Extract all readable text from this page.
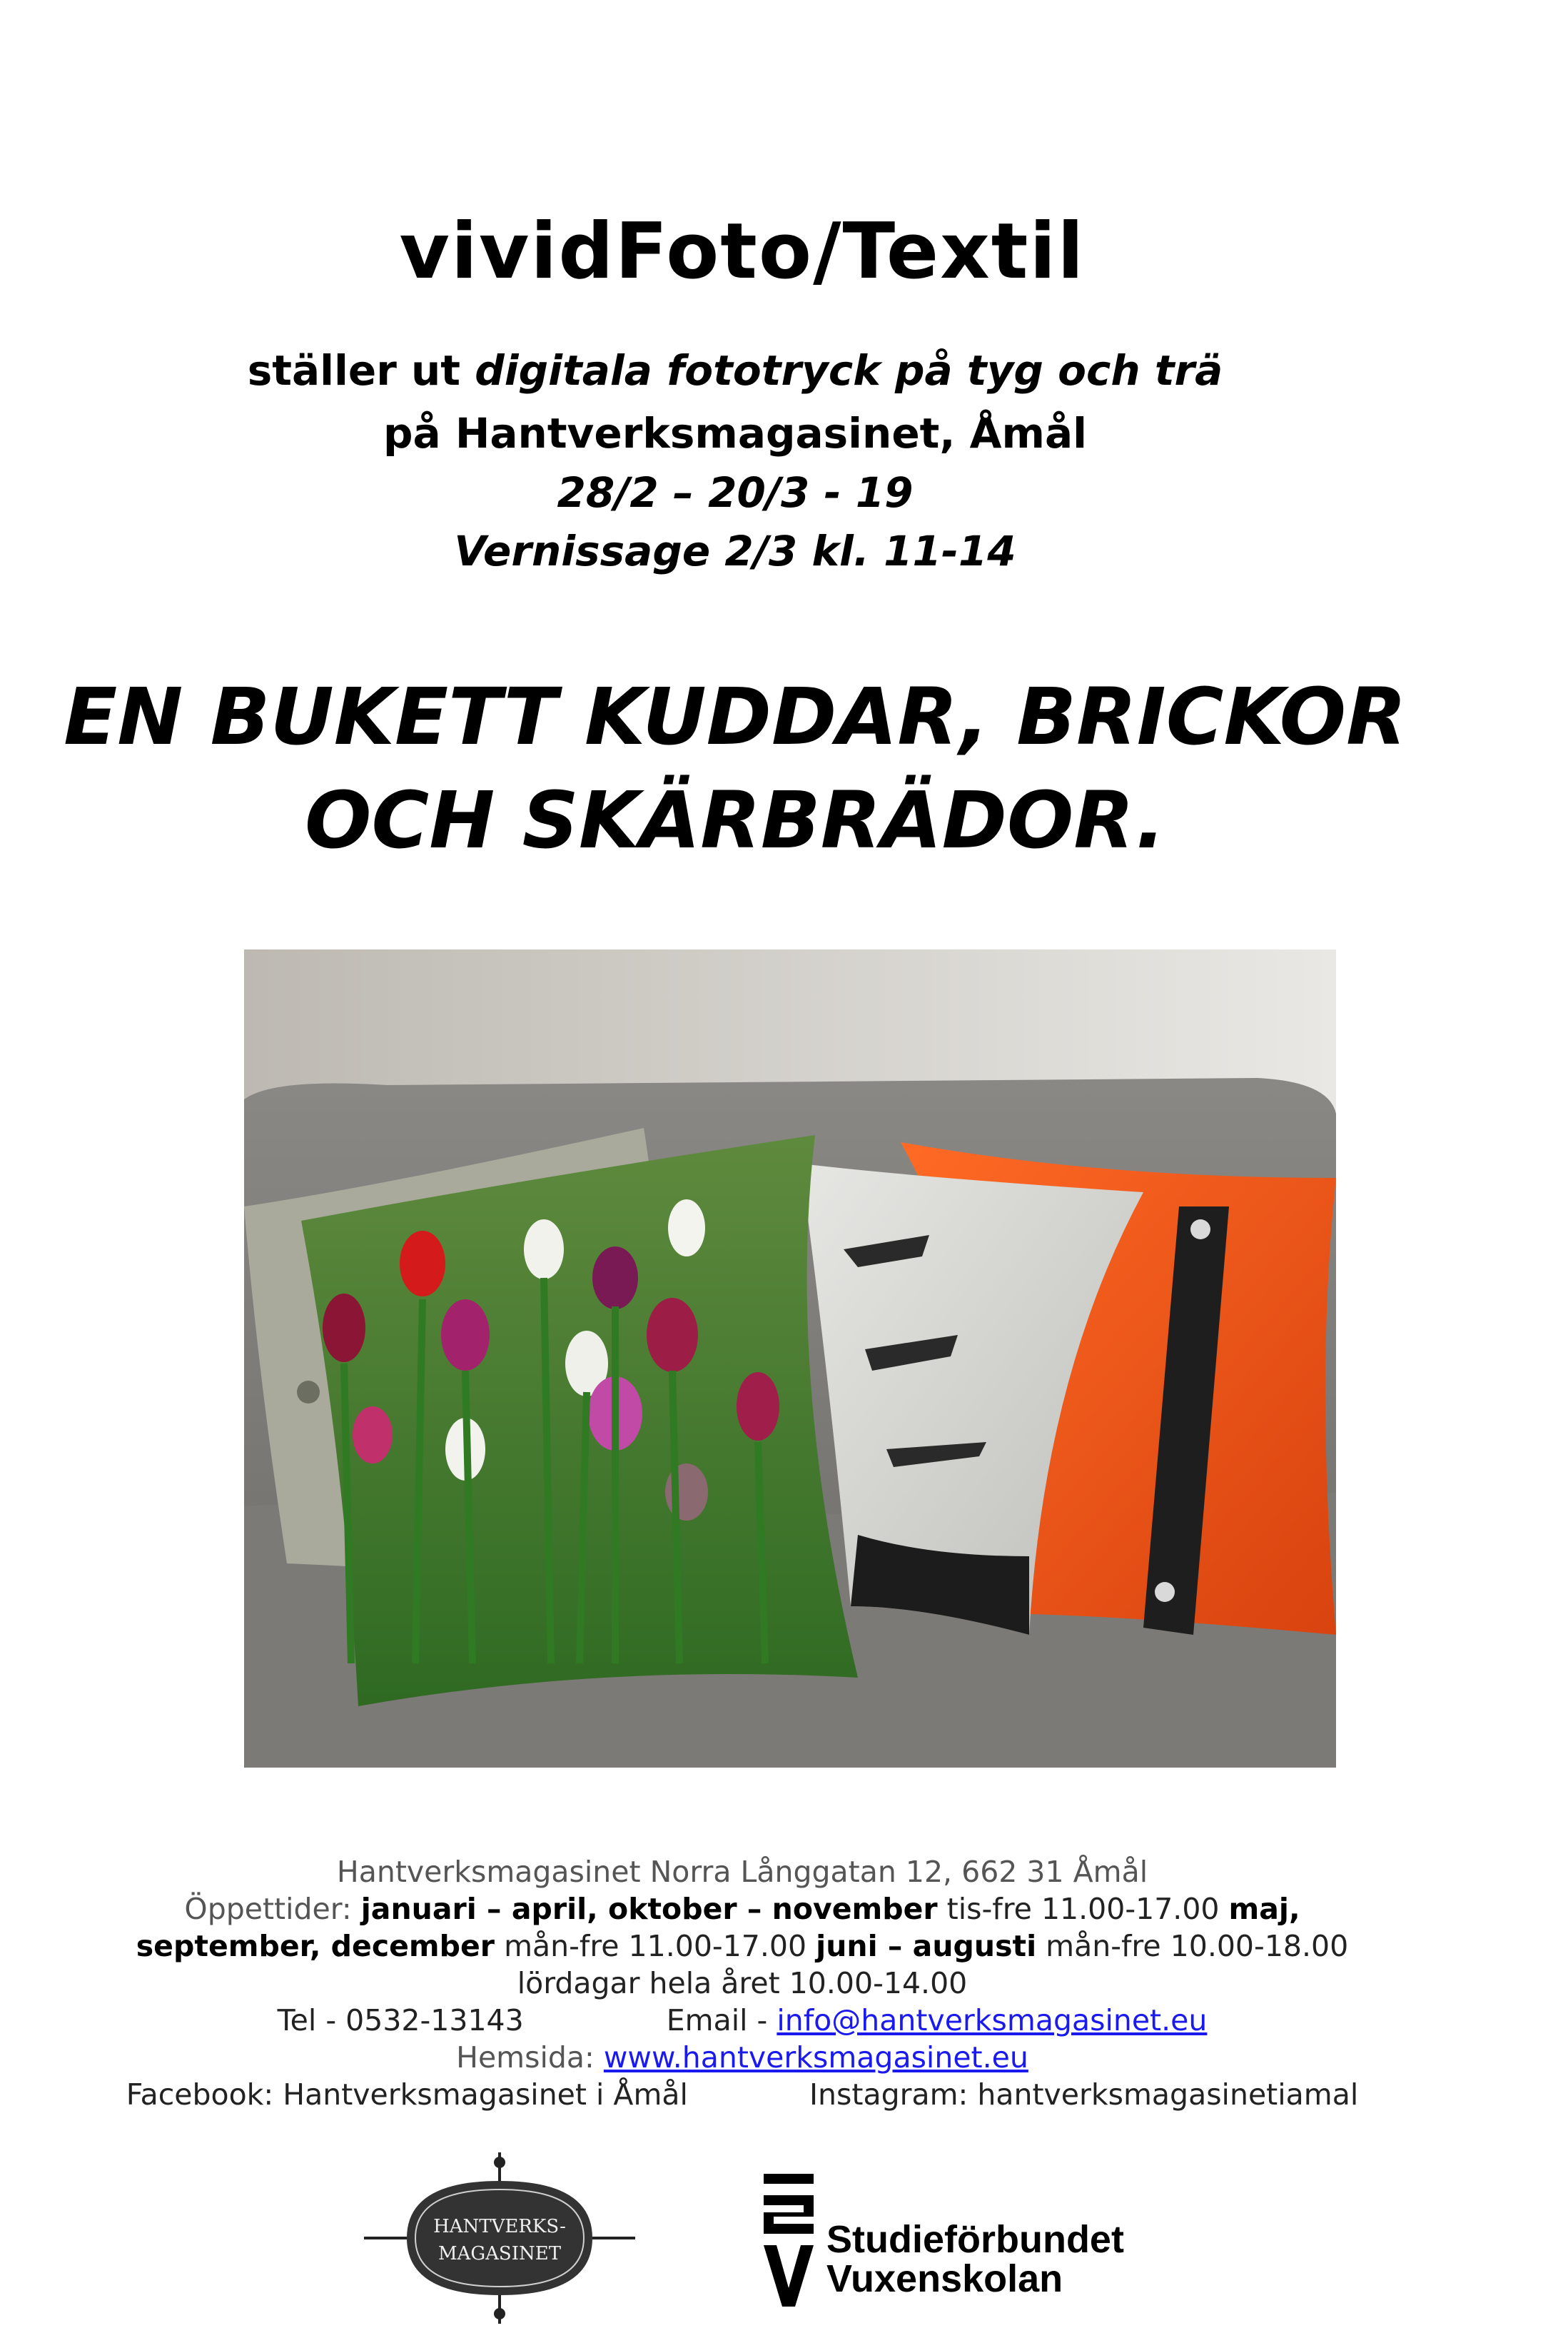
vividFoto/Textil
ställer ut digitala fototryck på tyg och trä
på Hantverksmagasinet, Åmål
28/2 – 20/3 - 19
Vernissage 2/3 kl. 11-14
EN BUKETT KUDDAR, BRICKOR
OCH SKÄRBRÄDOR.
Hantverksmagasinet Norra Långgatan 12, 662 31 Åmål
Öppettider: januari – april, oktober – november tis-fre 11.00-17.00 maj,
september, december mån-fre 11.00-17.00 juni – augusti mån-fre 10.00-18.00
lördagar hela året 10.00-14.00
Tel - 0532-13143	Email - info@hantverksmagasinet.eu
Hemsida: www.hantverksmagasinet.eu
Facebook: Hantverksmagasinet i Åmål	Instagram: hantverksmagasinetiamal
HANTVERKS-
MAGASINET	Studieförbundet
Vuxenskolan
